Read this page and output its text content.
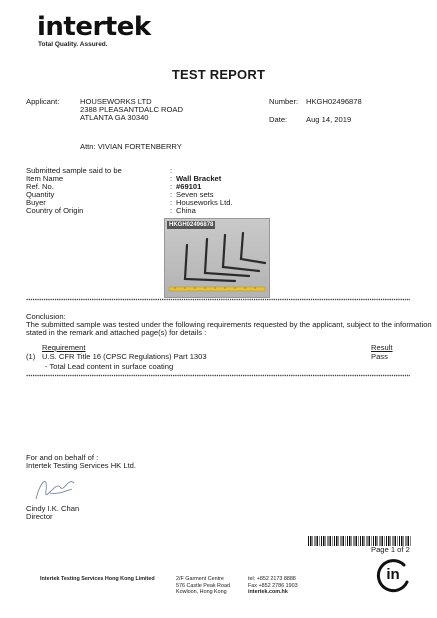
intertek
Total Quality. Assured.
TEST REPORT
Applicant:	HOUSEWORKS LTD
2388 PLEASANTDALC ROAD
ATLANTA GA 30340
Attn: VIVIAN FORTENBERRY
Number: HKGH02496878
Date: Aug 14, 2019
Submitted sample said to be	:
Item Name	: Wall Bracket
Ref. No.	: #69101
Quantity	: Seven sets
Buyer	: Houseworks Ltd.
Country of Origin	: China
HKGH02496878
Conclusion:
The submitted sample was tested under the following requirements requested by the applicant, subject to the information
stated in the remark and attached page(s) for details :
Requirement	Result
(1) U.S. CFR Title 16 (CPSC Regulations) Part 1303	Pass
- Total Lead content in surface coating
For and on behalf of :
Intertek Testing Services HK Ltd.
Cindy I.K. Chan
Director
Page 1 of 2
Intertek Testing Services Hong Kong Limited	2/F Garment Centre
576 Castle Peak Road
Kowloon, Hong Kong
tel: +852 2173 8888
Fax +852 2786 1903
intertek.com.hk
in
